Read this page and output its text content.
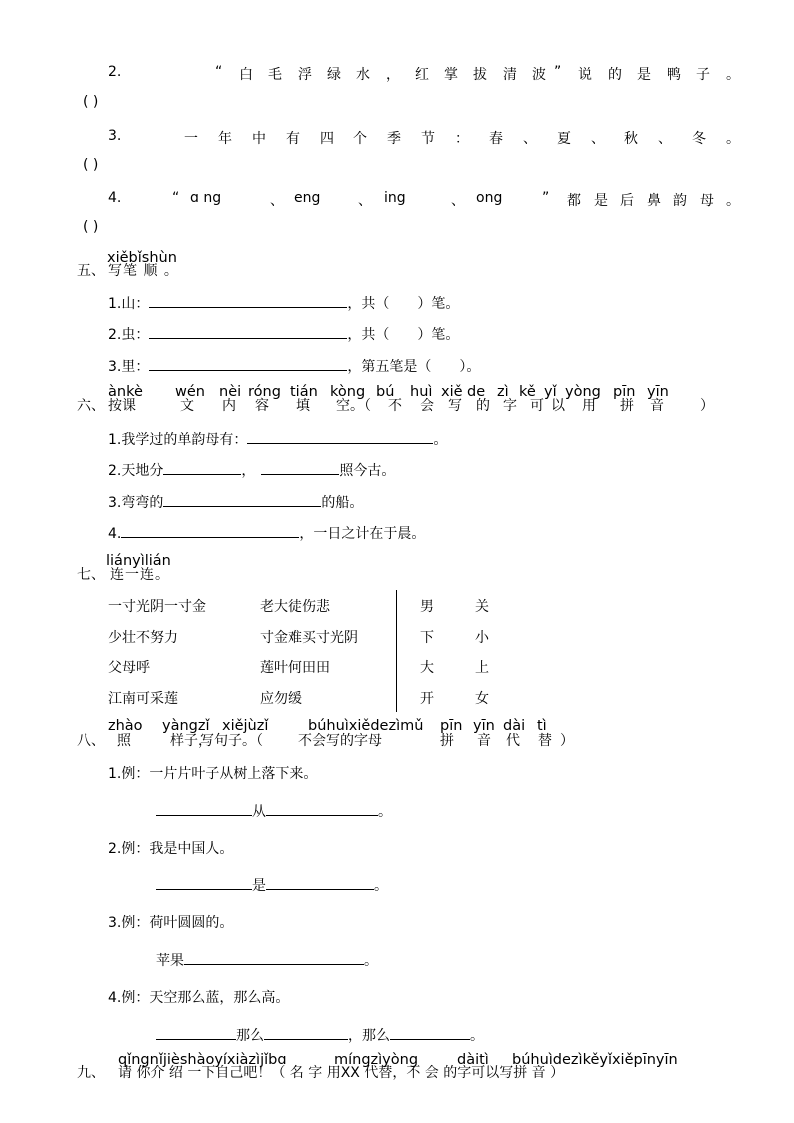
2.	“ 白 毛 浮 绿 水 ， 红 掌 拔 清 波 ” 说 的 是 鸭 子 。
( )
3.	一 年 中 有 四 个 季 节 ： 春 、 夏 、 秋 、 冬 。
( )
4.	“ ɑ ng	、 eng	、 ing	、 ong	” 都 是 后 鼻 韵 母 。
( )
xiěbǐshùn
五、 写笔 顺 。
1.山：	，共（ ）笔。
2.虫：	，共（ ）笔。
3.里：	，第五笔是（ ）。
ànkè wén nèi róng tián kòng bú huì xiě de zì kě yǐ yòng pīn yīn
六、 按课	文 内 容 填 空 。（ 不 会 写 的 字 可 以 用 拼 音	）
1.我学过的单韵母有：	。
2.天地分	，	照今古。
3.弯弯的	的船。
4.	，一日之计在于晨。
liányìlián
七、 连一连。
一寸光阴一寸金	老大徒伤悲	男	关
少壮不努力	寸金难买寸光阴	下	小
父母呼	莲叶何田田	大	上
江南可采莲	应勿缓	开	女
zhào yàngzǐ xiějùzǐ	búhuìxiědezìmǔ pīn yīn dài tì
八、 照	样子，
写句子。（	不会写的字母	拼 音 代 替 ）
1.例：一片片叶子从树上落下来。
从	。
2.例：我是中国人。
是	。
3.例：荷叶圆圆的。
苹果	。
4.例：天空那么蓝，那么高。
那么	，那么	。
qǐngnǐjièshàoyíxiàzìjǐbɑ	míngzìyòng	dàitì búhuìdezìkěyǐxiěpīnyīn
九、 请 你介 绍 一下自己吧！（ 名 字 用XX 代替，不 会 的字可以写拼 音 ）
